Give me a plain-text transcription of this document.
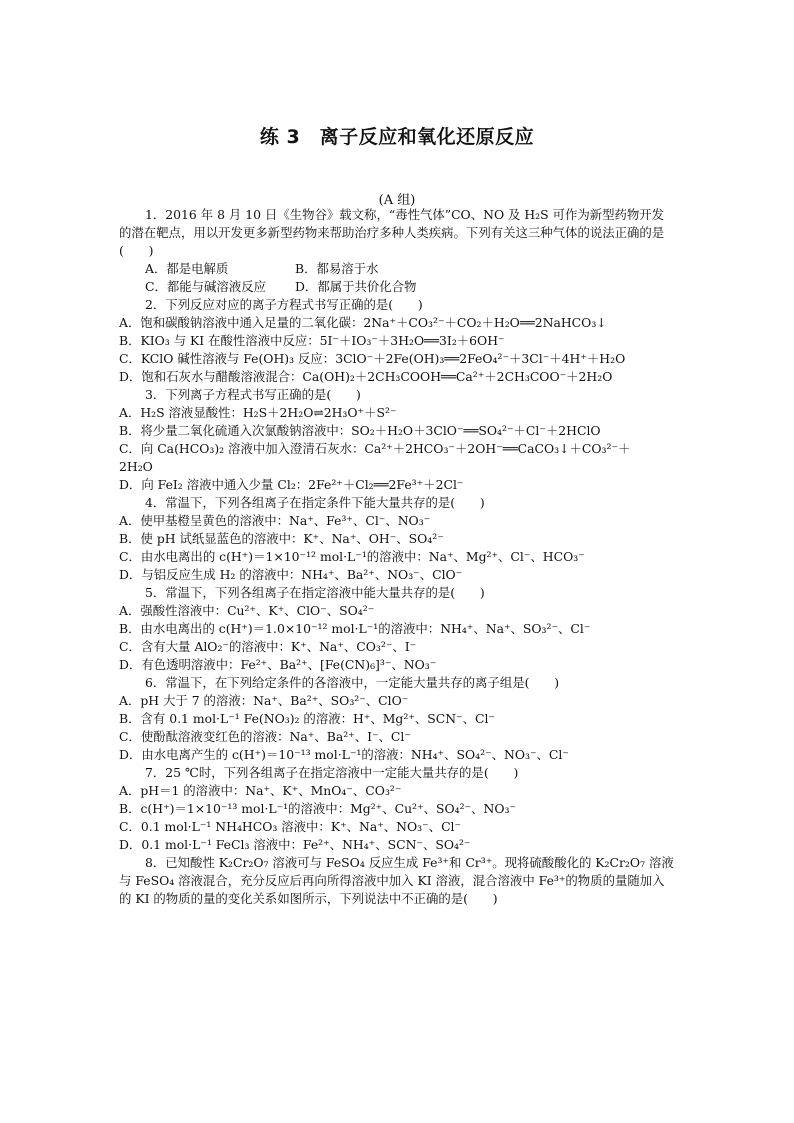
练 3　离子反应和氧化还原反应
(A 组)
1．2016 年 8 月 10 日《生物谷》载文称，“毒性气体”CO、NO 及 H₂S 可作为新型药物开发的潜在靶点，用以开发更多新型药物来帮助治疗多种人类疾病。下列有关这三种气体的说法正确的是(　　)
A．都是电解质	B．都易溶于水
C．都能与碱溶液反应 D．都属于共价化合物
2．下列反应对应的离子方程式书写正确的是(　　)
A．饱和碳酸钠溶液中通入足量的二氧化碳：2Na⁺＋CO₃²⁻＋CO₂＋H₂O══2NaHCO₃↓
B．KIO₃ 与 KI 在酸性溶液中反应：5I⁻＋IO₃⁻＋3H₂O══3I₂＋6OH⁻
C．KClO 碱性溶液与 Fe(OH)₃ 反应：3ClO⁻＋2Fe(OH)₃══2FeO₄²⁻＋3Cl⁻＋4H⁺＋H₂O
D．饱和石灰水与醋酸溶液混合：Ca(OH)₂＋2CH₃COOH══Ca²⁺＋2CH₃COO⁻＋2H₂O
3．下列离子方程式书写正确的是(　　)
A．H₂S 溶液显酸性：H₂S＋2H₂O⇌2H₃O⁺＋S²⁻
B．将少量二氧化硫通入次氯酸钠溶液中：SO₂＋H₂O＋3ClO⁻══SO₄²⁻＋Cl⁻＋2HClO
C．向 Ca(HCO₃)₂ 溶液中加入澄清石灰水：Ca²⁺＋2HCO₃⁻＋2OH⁻══CaCO₃↓＋CO₃²⁻＋
2H₂O
D．向 FeI₂ 溶液中通入少量 Cl₂：2Fe²⁺＋Cl₂══2Fe³⁺＋2Cl⁻
4．常温下，下列各组离子在指定条件下能大量共存的是(　　)
A．使甲基橙呈黄色的溶液中：Na⁺、Fe³⁺、Cl⁻、NO₃⁻
B．使 pH 试纸显蓝色的溶液中：K⁺、Na⁺、OH⁻、SO₄²⁻
C．由水电离出的 c(H⁺)＝1×10⁻¹² mol·L⁻¹的溶液中：Na⁺、Mg²⁺、Cl⁻、HCO₃⁻
D．与铝反应生成 H₂ 的溶液中：NH₄⁺、Ba²⁺、NO₃⁻、ClO⁻
5．常温下，下列各组离子在指定溶液中能大量共存的是(　　)
A．强酸性溶液中：Cu²⁺、K⁺、ClO⁻、SO₄²⁻
B．由水电离出的 c(H⁺)＝1.0×10⁻¹² mol·L⁻¹的溶液中：NH₄⁺、Na⁺、SO₃²⁻、Cl⁻
C．含有大量 AlO₂⁻的溶液中：K⁺、Na⁺、CO₃²⁻、I⁻
D．有色透明溶液中：Fe²⁺、Ba²⁺、[Fe(CN)₆]³⁻、NO₃⁻
6．常温下，在下列给定条件的各溶液中，一定能大量共存的离子组是(　　)
A．pH 大于 7 的溶液：Na⁺、Ba²⁺、SO₃²⁻、ClO⁻
B．含有 0.1 mol·L⁻¹ Fe(NO₃)₂ 的溶液：H⁺、Mg²⁺、SCN⁻、Cl⁻
C．使酚酞溶液变红色的溶液：Na⁺、Ba²⁺、I⁻、Cl⁻
D．由水电离产生的 c(H⁺)＝10⁻¹³ mol·L⁻¹的溶液：NH₄⁺、SO₄²⁻、NO₃⁻、Cl⁻
7．25 ℃时，下列各组离子在指定溶液中一定能大量共存的是(　　)
A．pH＝1 的溶液中：Na⁺、K⁺、MnO₄⁻、CO₃²⁻
B．c(H⁺)＝1×10⁻¹³ mol·L⁻¹的溶液中：Mg²⁺、Cu²⁺、SO₄²⁻、NO₃⁻
C．0.1 mol·L⁻¹ NH₄HCO₃ 溶液中：K⁺、Na⁺、NO₃⁻、Cl⁻
D．0.1 mol·L⁻¹ FeCl₃ 溶液中：Fe²⁺、NH₄⁺、SCN⁻、SO₄²⁻
8．已知酸性 K₂Cr₂O₇ 溶液可与 FeSO₄ 反应生成 Fe³⁺和 Cr³⁺。现将硫酸酸化的 K₂Cr₂O₇ 溶液与 FeSO₄ 溶液混合，充分反应后再向所得溶液中加入 KI 溶液，混合溶液中 Fe³⁺的物质的量随加入的 KI 的物质的量的变化关系如图所示，下列说法中不正确的是(　　)
